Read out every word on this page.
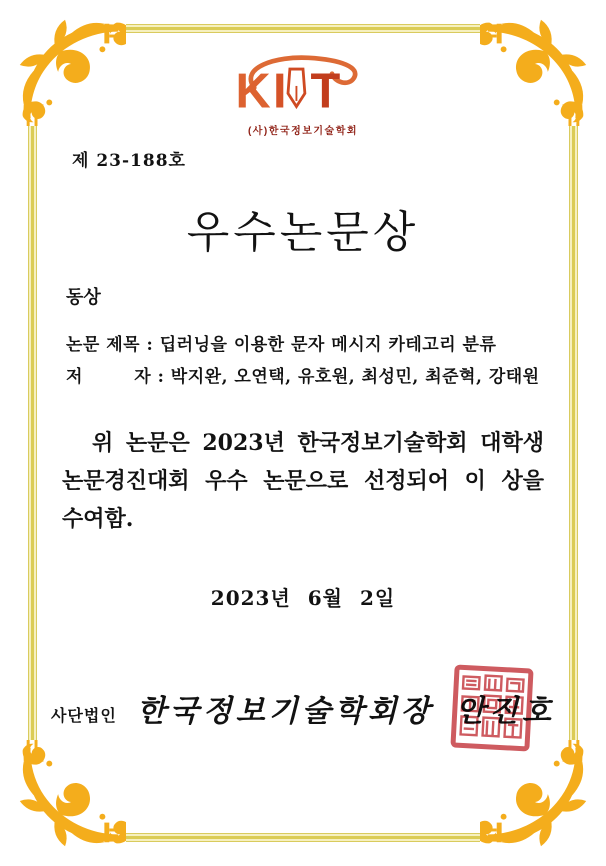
K I T
(사)한국정보기술학회
제 23-188호
우수논문상
동상
논문 제목 : 딥러닝을 이용한 문자 메시지 카테고리 분류
저        자 : 박지완, 오연택, 유호원, 최성민, 최준혁, 강태원
위 논문은 2023년 한국정보기술학회 대학생
논문경진대회 우수 논문으로 선정되어 이 상을
수여함.
2023년 6월 2일
사단법인 한국정보기술학회장 안진호
